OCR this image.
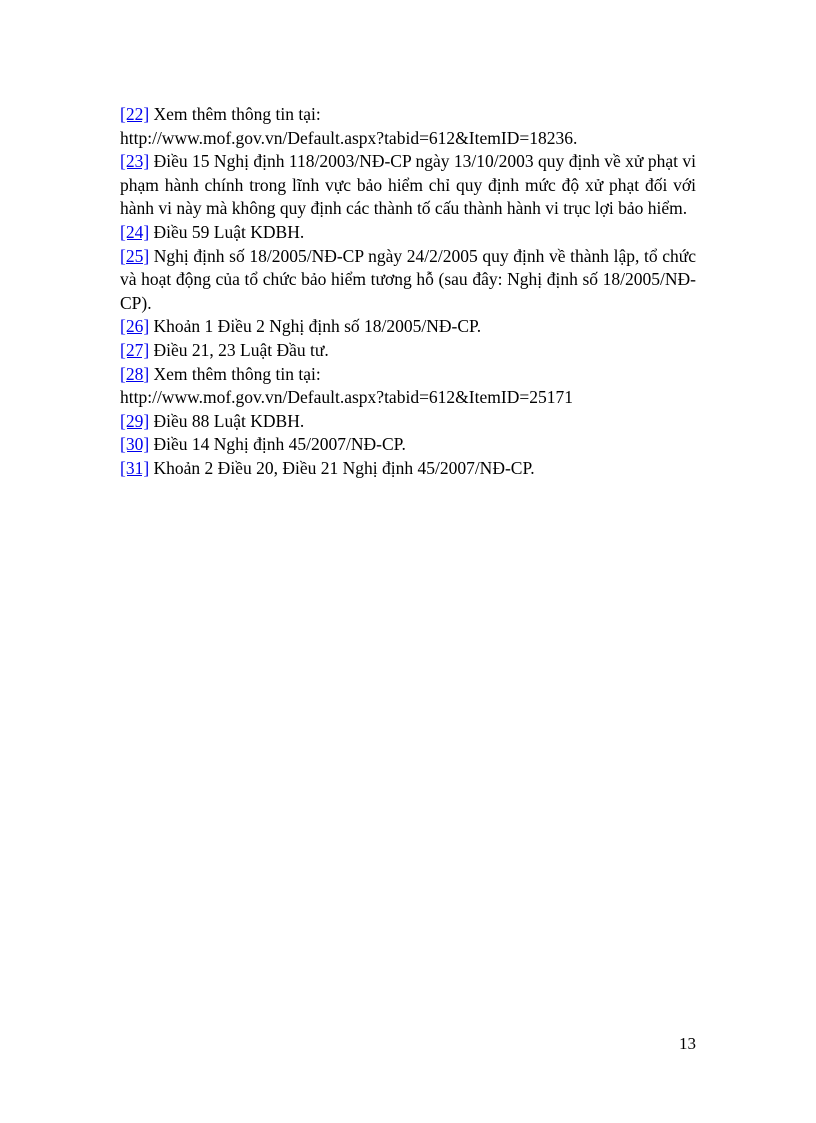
[22] Xem thêm thông tin tại:

http://www.mof.gov.vn/Default.aspx?tabid=612&ItemID=18236.

[23] Điều 15 Nghị định 118/2003/NĐ-CP ngày 13/10/2003 quy định về xử phạt vi phạm hành chính trong lĩnh vực bảo hiểm chỉ quy định mức độ xử phạt đối với hành vi này mà không quy định các thành tố cấu thành hành vi trục lợi bảo hiểm.

[24] Điều 59 Luật KDBH.

[25] Nghị định số 18/2005/NĐ-CP ngày 24/2/2005 quy định về thành lập, tổ chức và hoạt động của tổ chức bảo hiểm tương hỗ (sau đây: Nghị định số 18/2005/NĐ-CP).

[26] Khoản 1 Điều 2 Nghị định số 18/2005/NĐ-CP.

[27] Điều 21, 23 Luật Đầu tư.

[28] Xem thêm thông tin tại:

http://www.mof.gov.vn/Default.aspx?tabid=612&ItemID=25171

[29] Điều 88 Luật KDBH.

[30] Điều 14 Nghị định 45/2007/NĐ-CP.

[31] Khoản 2 Điều 20, Điều 21 Nghị định 45/2007/NĐ-CP.

13
